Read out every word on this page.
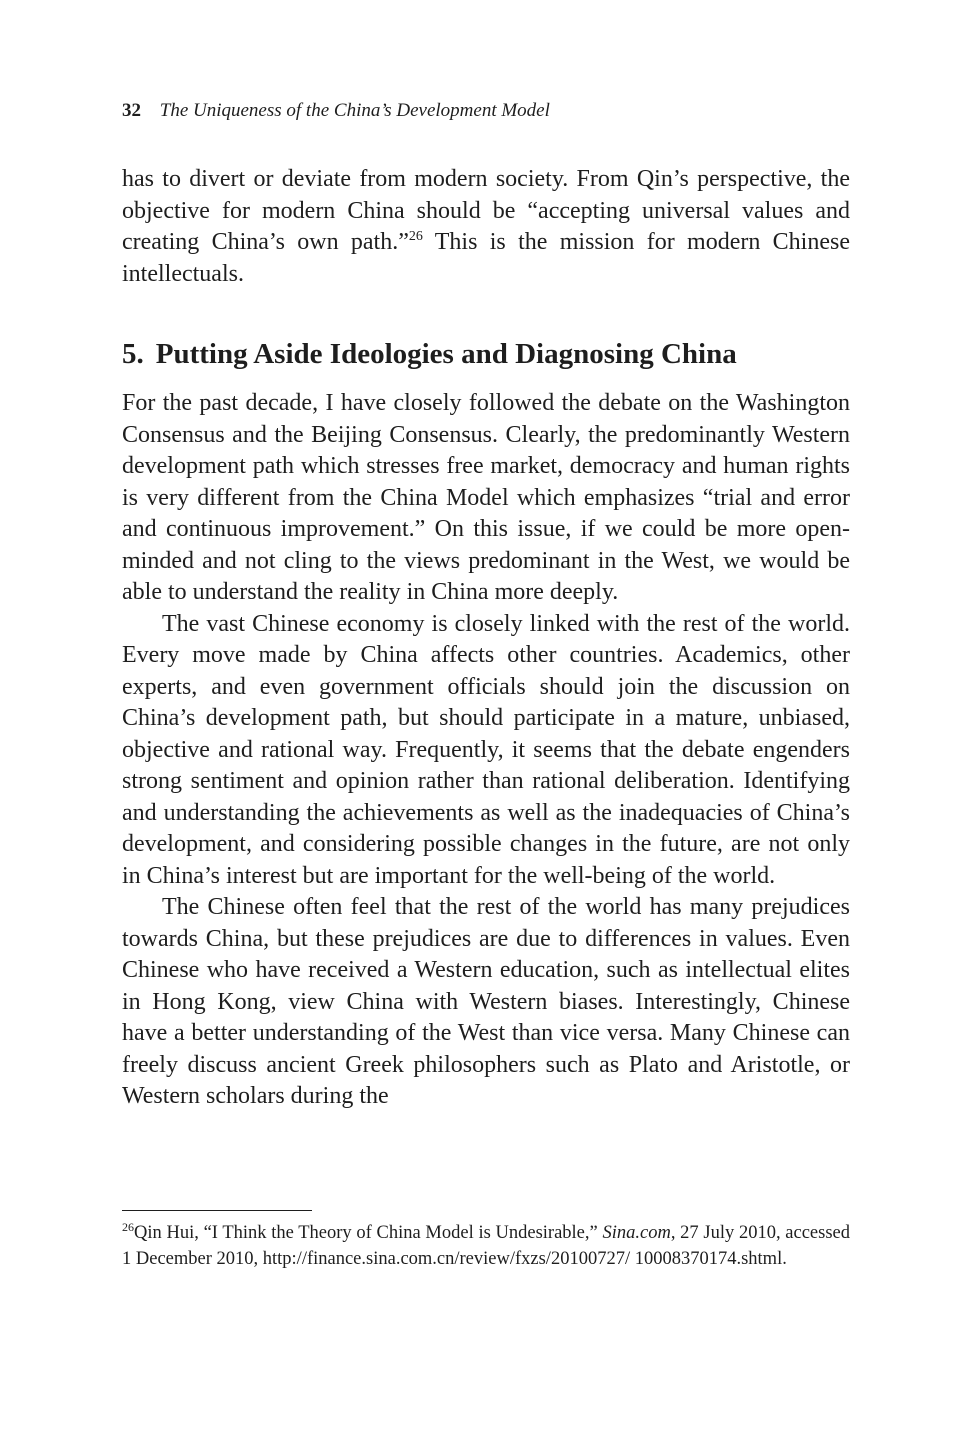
32 The Uniqueness of the China’s Development Model

has to divert or deviate from modern society. From Qin’s perspective, the objective for modern China should be “accepting universal values and creating China’s own path.”$^{26}$ This is the mission for modern Chinese intellectuals.

5. Putting Aside Ideologies and Diagnosing China

For the past decade, I have closely followed the debate on the Washington Consensus and the Beijing Consensus. Clearly, the predominantly Western development path which stresses free market, democracy and human rights is very different from the China Model which emphasizes “trial and error and continuous improvement.” On this issue, if we could be more open-minded and not cling to the views predominant in the West, we would be able to understand the reality in China more deeply.

The vast Chinese economy is closely linked with the rest of the world. Every move made by China affects other countries. Academics, other experts, and even government officials should join the discussion on China’s development path, but should participate in a mature, unbiased, objective and rational way. Frequently, it seems that the debate engenders strong sentiment and opinion rather than rational deliberation. Identifying and understanding the achievements as well as the inadequacies of China’s development, and considering possible changes in the future, are not only in China’s interest but are important for the well-being of the world.

The Chinese often feel that the rest of the world has many prejudices towards China, but these prejudices are due to differences in values. Even Chinese who have received a Western education, such as intellectual elites in Hong Kong, view China with Western biases. Interestingly, Chinese have a better understanding of the West than vice versa. Many Chinese can freely discuss ancient Greek philosophers such as Plato and Aristotle, or Western scholars during the

$^{26}$Qin Hui, “I Think the Theory of China Model is Undesirable,” Sina.com, 27 July 2010, accessed 1 December 2010, http://finance.sina.com.cn/review/fxzs/20100727/ 10008370174.shtml.
